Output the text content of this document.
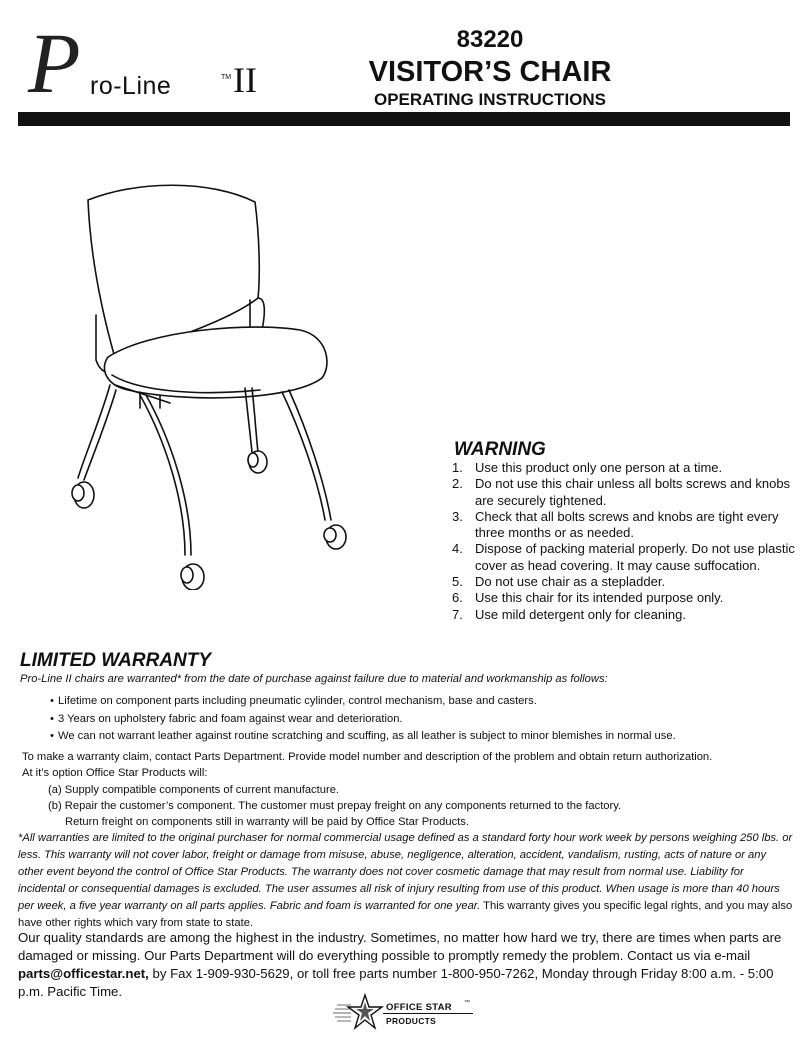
P ro-Line	TM II
83220
VISITOR’S CHAIR
OPERATING INSTRUCTIONS
WARNING
1. Use this product only one person at a time.
2. Do not use this chair unless all bolts screws and knobs are securely tightened.
3. Check that all bolts screws and knobs are tight every three months or as needed.
4. Dispose of packing material properly. Do not use plastic cover as head covering. It may cause suffocation.
5. Do not use chair as a stepladder.
6. Use this chair for its intended purpose only.
7. Use mild detergent only for cleaning.
LIMITED WARRANTY
Pro-Line II chairs are warranted* from the date of purchase against failure due to material and workmanship as follows:
• Lifetime on component parts including pneumatic cylinder, control mechanism, base and casters.
• 3 Years on upholstery fabric and foam against wear and deterioration.
• We can not warrant leather against routine scratching and scuffing, as all leather is subject to minor blemishes in normal use.
To make a warranty claim, contact Parts Department. Provide model number and description of the problem and obtain return authorization.
At it’s option Office Star Products will:
(a) Supply compatible components of current manufacture.
(b) Repair the customer’s component. The customer must prepay freight on any components returned to the factory.
Return freight on components still in warranty will be paid by Office Star Products.
*All warranties are limited to the original purchaser for normal commercial usage defined as a standard forty hour work week by persons weighing 250 lbs. or less. This warranty will not cover labor, freight or damage from misuse, abuse, negligence, alteration, accident, vandalism, rusting, acts of nature or any other event beyond the control of Office Star Products. The warranty does not cover cosmetic damage that may result from normal use. Liability for incidental or consequential damages is excluded. The user assumes all risk of injury resulting from use of this product. When usage is more than 40 hours per week, a five year warranty on all parts applies. Fabric and foam is warranted for one year. This warranty gives you specific legal rights, and you may also have other rights which vary from state to state.
Our quality standards are among the highest in the industry. Sometimes, no matter how hard we try, there are times when parts are damaged or missing. Our Parts Department will do everything possible to promptly remedy the problem. Contact us via e-mail parts@officestar.net, by Fax 1-909-930-5629, or toll free parts number 1-800-950-7262, Monday through Friday 8:00 a.m. - 5:00 p.m. Pacific Time.
OFFICE STAR ™
PRODUCTS
